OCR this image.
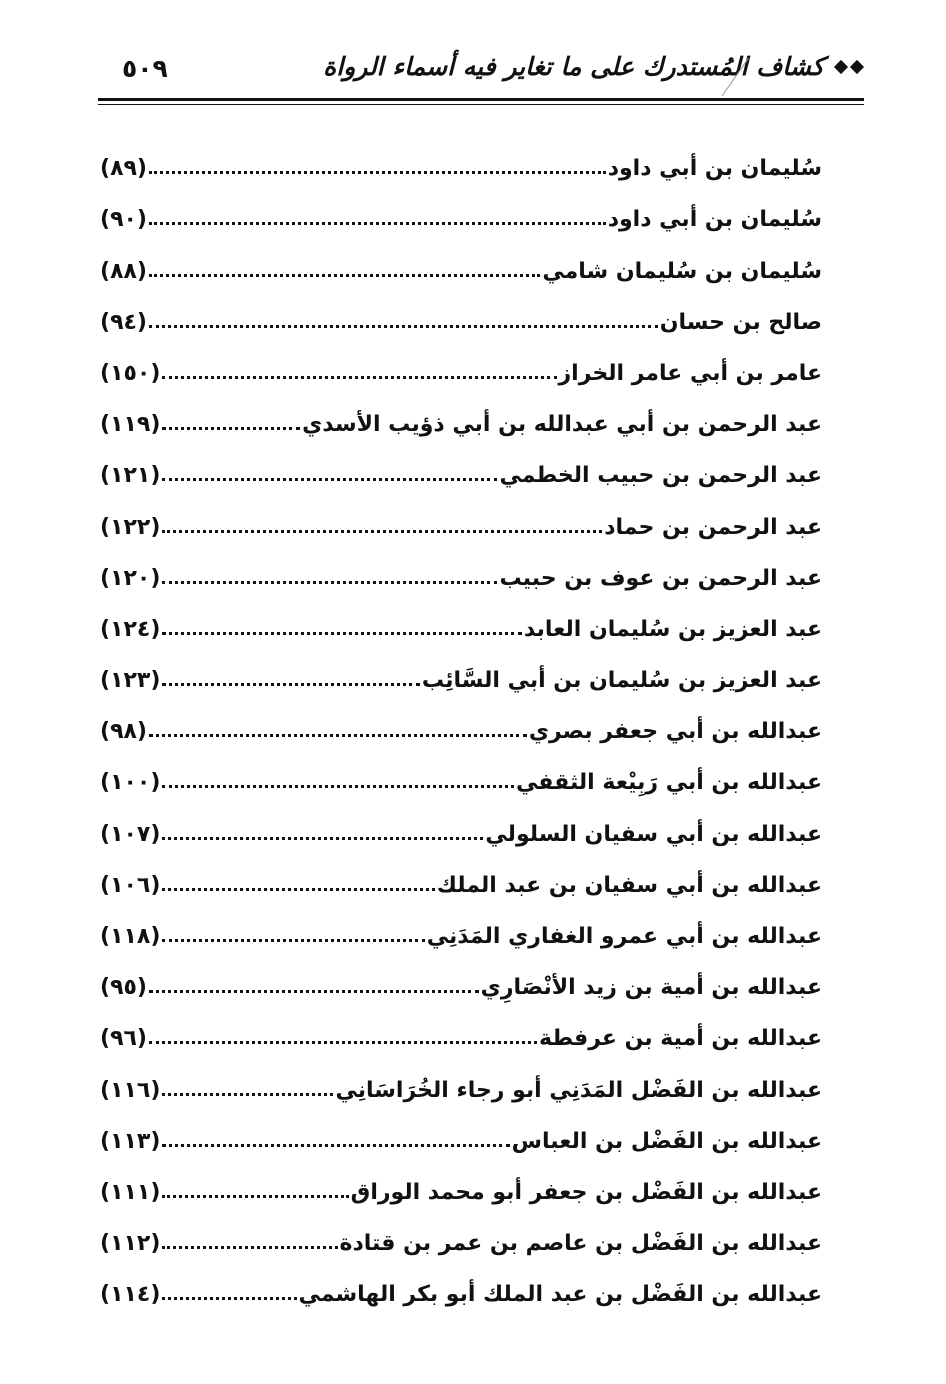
كشاف المُستدرك على ما تغاير فيه أسماء الرواة
٥٠٩
سُليمان بن أبي داود
(٨٩)
سُليمان بن أبي داود
(٩٠)
سُليمان بن سُليمان شامي
(٨٨)
صالح بن حسان
(٩٤)
عامر بن أبي عامر الخراز
(١٥٠)
عبد الرحمن بن أبي عبدالله بن أبي ذؤيب الأسدي
(١١٩)
عبد الرحمن بن حبيب الخطمي
(١٢١)
عبد الرحمن بن حماد
(١٢٢)
عبد الرحمن بن عوف بن حبيب
(١٢٠)
عبد العزيز بن سُليمان العابد
(١٢٤)
عبد العزيز بن سُليمان بن أبي السَّائِب
(١٢٣)
عبدالله بن أبي جعفر بصري
(٩٨)
عبدالله بن أبي رَبِيْعة الثقفي
(١٠٠)
عبدالله بن أبي سفيان السلولي
(١٠٧)
عبدالله بن أبي سفيان بن عبد الملك
(١٠٦)
عبدالله بن أبي عمرو الغفاري المَدَنِي
(١١٨)
عبدالله بن أمية بن زيد الأنْصَارِي
(٩٥)
عبدالله بن أمية بن عرفطة
(٩٦)
عبدالله بن الفَضْل المَدَنِي أبو رجاء الخُرَاسَانِي
(١١٦)
عبدالله بن الفَضْل بن العباس
(١١٣)
عبدالله بن الفَضْل بن جعفر أبو محمد الوراق
(١١١)
عبدالله بن الفَضْل بن عاصم بن عمر بن قتادة
(١١٢)
عبدالله بن الفَضْل بن عبد الملك أبو بكر الهاشمي
(١١٤)
